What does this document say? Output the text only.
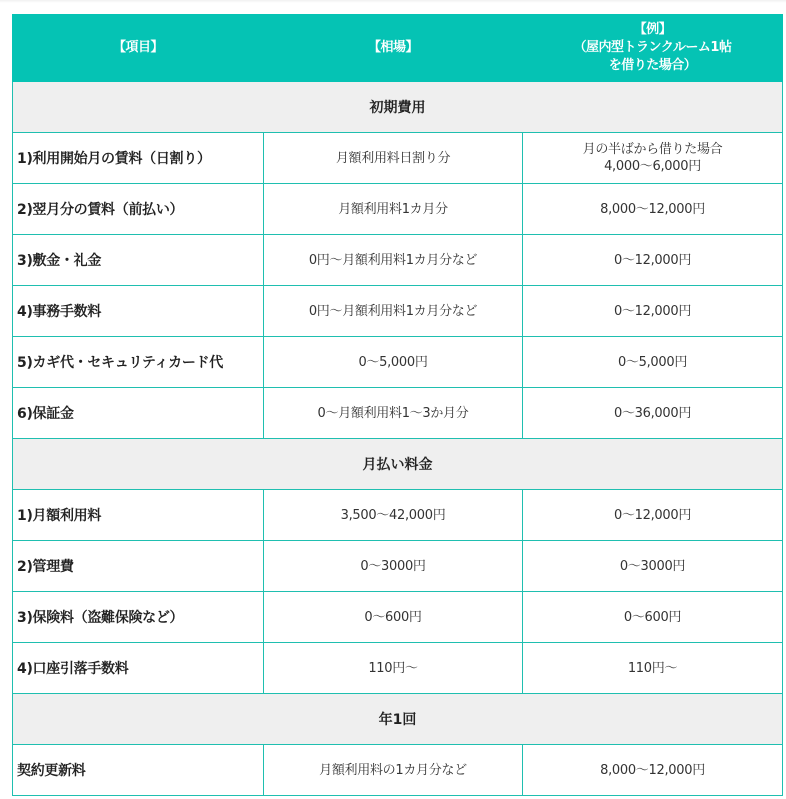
【項目】	【相場】	【例】
（屋内型トランクルーム1帖
を借りた場合）

初期費用		
1)利用開始月の賃料（日割り）	月額利用料日割り分	月の半ばから借りた場合
4,000～6,000円

2)翌月分の賃料（前払い）	月額利用料1カ月分	8,000～12,000円
3)敷金・礼金	0円～月額利用料1カ月分など	0～12,000円
4)事務手数料	0円～月額利用料1カ月分など	0～12,000円
5)カギ代・セキュリティカード代	0～5,000円	0～5,000円
6)保証金	0～月額利用料1～3か月分	0～36,000円
月払い料金		
1)月額利用料	3,500～42,000円	0～12,000円
2)管理費	0～3000円	0～3000円
3)保険料（盗難保険など）	0～600円	0～600円
4)口座引落手数料	110円～	110円～
年1回		
契約更新料	月額利用料の1カ月分など	8,000～12,000円
